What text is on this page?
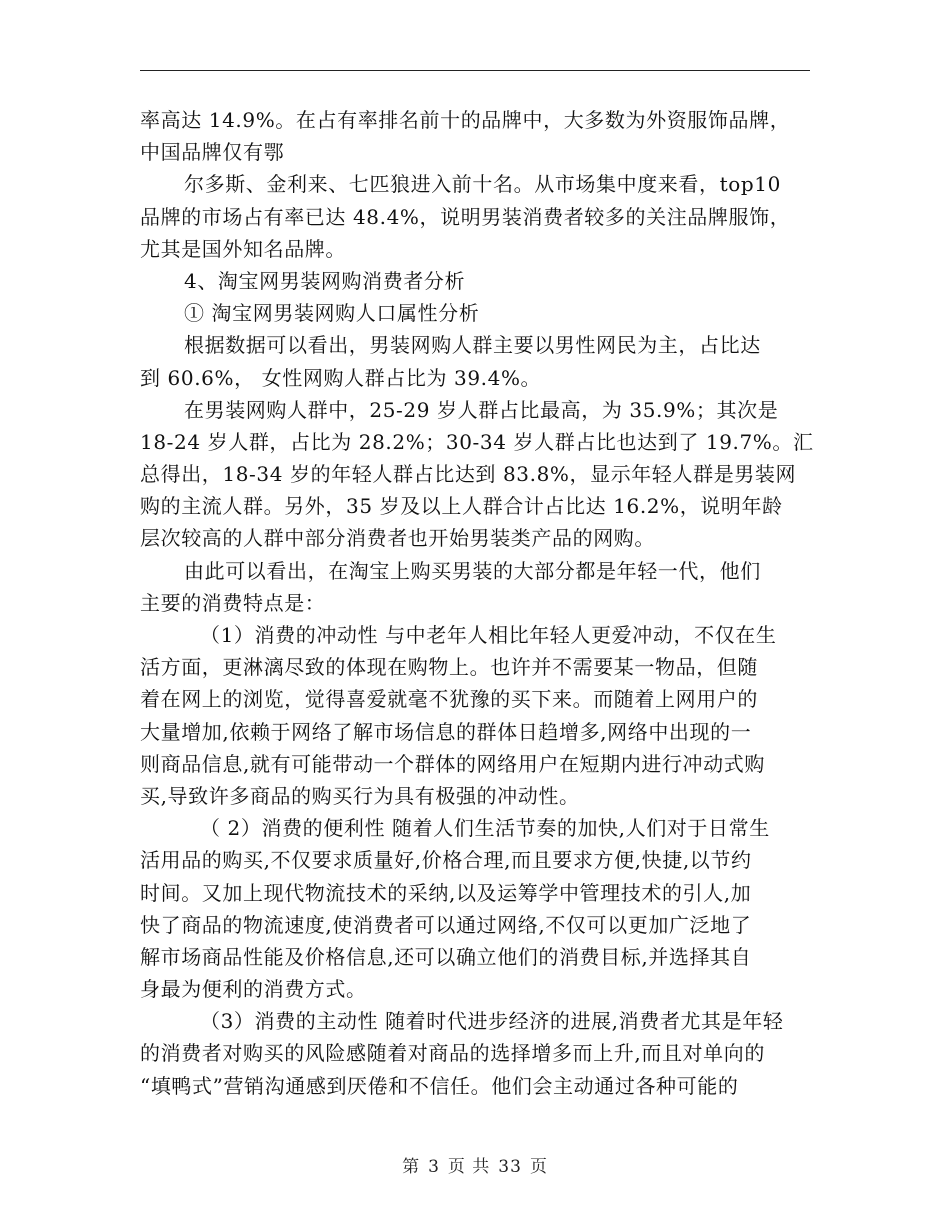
率高达 14.9%。在占有率排名前十的品牌中，大多数为外资服饰品牌，
中国品牌仅有鄂
尔多斯、金利来、七匹狼进入前十名。从市场集中度来看，top10
品牌的市场占有率已达 48.4%，说明男装消费者较多的关注品牌服饰，
尤其是国外知名品牌。
4、淘宝网男装网购消费者分析
① 淘宝网男装网购人口属性分析
根据数据可以看出，男装网购人群主要以男性网民为主，占比达
到 60.6%， 女性网购人群占比为 39.4%。
在男装网购人群中，25-29 岁人群占比最高，为 35.9%；其次是
18-24 岁人群，占比为 28.2%；30-34 岁人群占比也达到了 19.7%。汇
总得出，18-34 岁的年轻人群占比达到 83.8%，显示年轻人群是男装网
购的主流人群。另外，35 岁及以上人群合计占比达 16.2%，说明年龄
层次较高的人群中部分消费者也开始男装类产品的网购。
由此可以看出，在淘宝上购买男装的大部分都是年轻一代，他们
主要的消费特点是：
（1）消费的冲动性 与中老年人相比年轻人更爱冲动，不仅在生
活方面，更淋漓尽致的体现在购物上。也许并不需要某一物品，但随
着在网上的浏览，觉得喜爱就毫不犹豫的买下来。而随着上网用户的
大量增加,依赖于网络了解市场信息的群体日趋增多,网络中出现的一
则商品信息,就有可能带动一个群体的网络用户在短期内进行冲动式购
买,导致许多商品的购买行为具有极强的冲动性。
（ 2）消费的便利性 随着人们生活节奏的加快,人们对于日常生
活用品的购买,不仅要求质量好,价格合理,而且要求方便,快捷,以节约
时间。又加上现代物流技术的采纳,以及运筹学中管理技术的引人,加
快了商品的物流速度,使消费者可以通过网络,不仅可以更加广泛地了
解市场商品性能及价格信息,还可以确立他们的消费目标,并选择其自
身最为便利的消费方式。
（3）消费的主动性 随着时代进步经济的进展,消费者尤其是年轻
的消费者对购买的风险感随着对商品的选择增多而上升,而且对单向的
“填鸭式”营销沟通感到厌倦和不信任。他们会主动通过各种可能的
第 3 页 共 33 页
